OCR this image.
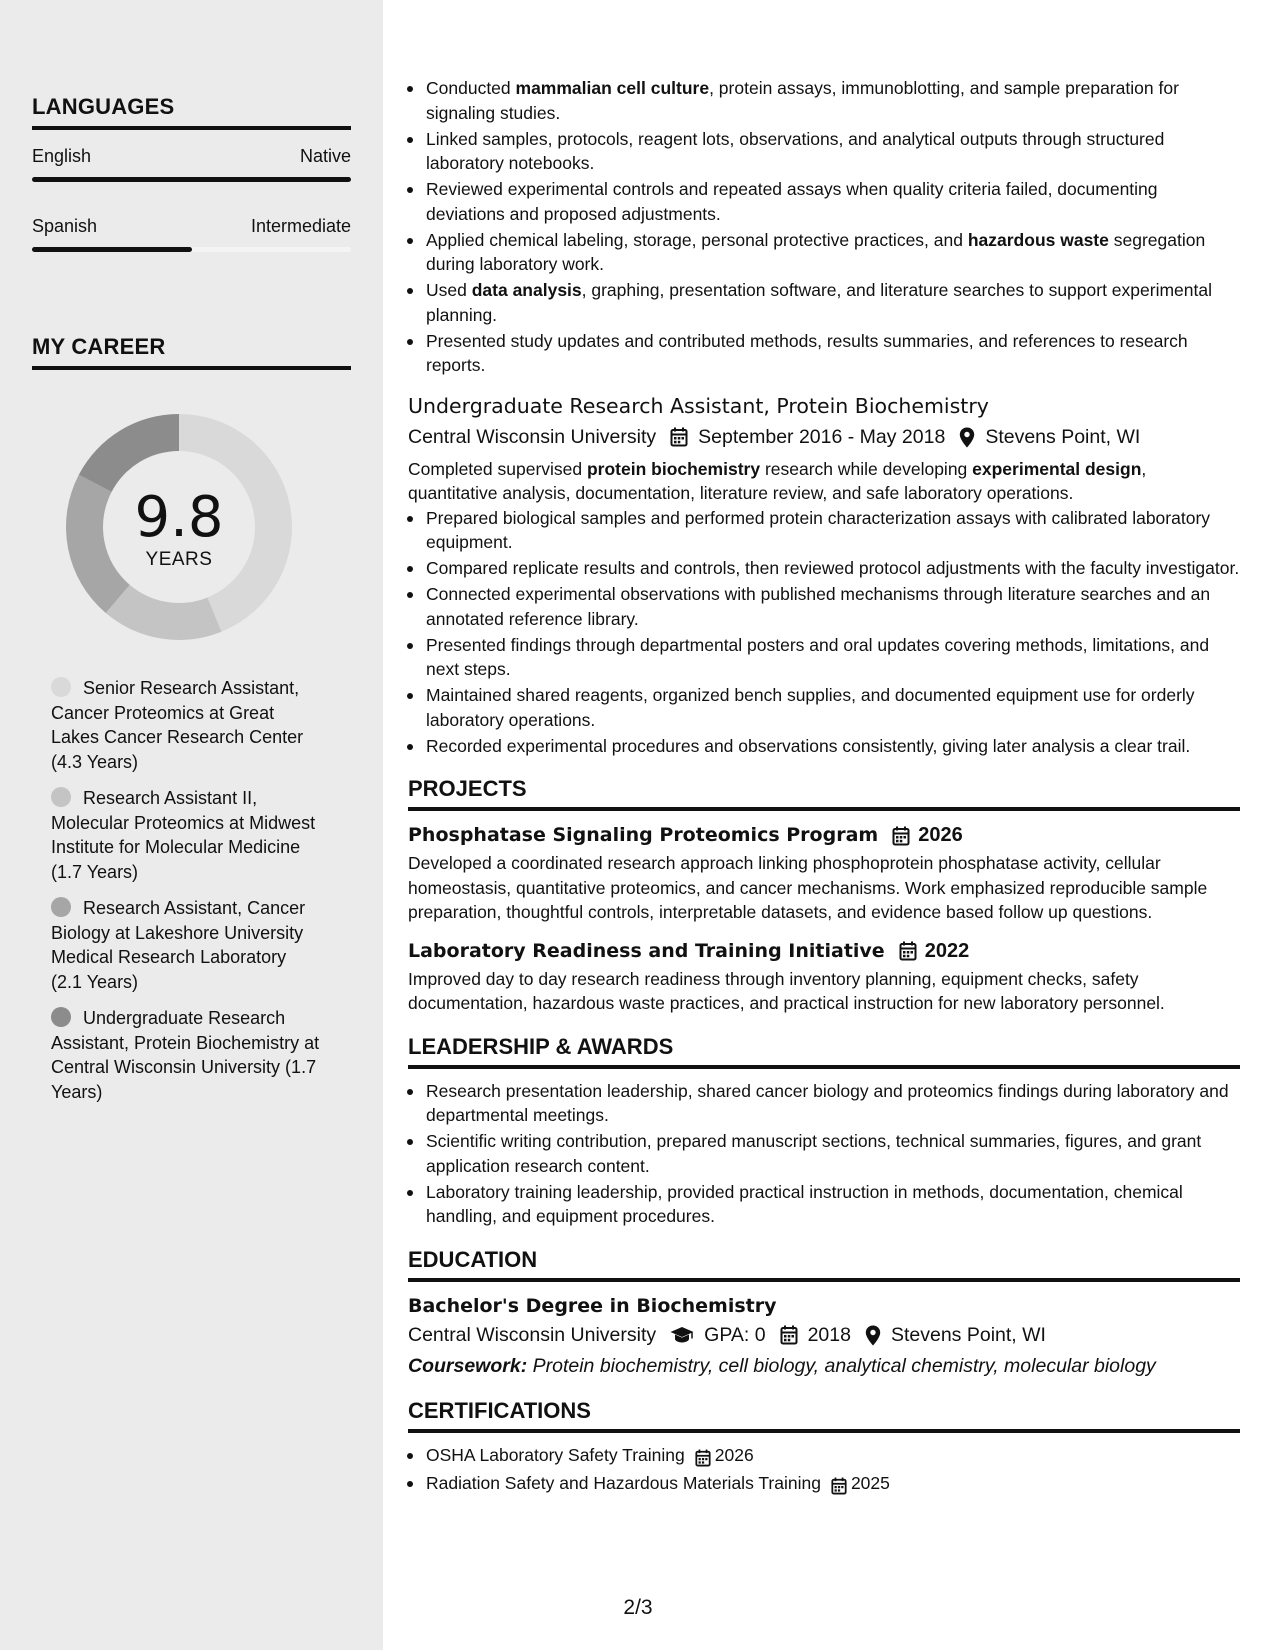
LANGUAGES
English	Native
Spanish	Intermediate
MY CAREER
9.8
YEARS
Senior Research Assistant, Cancer Proteomics at Great Lakes Cancer Research Center (4.3 Years)
Research Assistant II, Molecular Proteomics at Midwest Institute for Molecular Medicine (1.7 Years)
Research Assistant, Cancer Biology at Lakeshore University Medical Research Laboratory (2.1 Years)
Undergraduate Research Assistant, Protein Biochemistry at Central Wisconsin University (1.7 Years)
Conducted mammalian cell culture, protein assays, immunoblotting, and sample preparation for signaling studies.
Linked samples, protocols, reagent lots, observations, and analytical outputs through structured laboratory notebooks.
Reviewed experimental controls and repeated assays when quality criteria failed, documenting deviations and proposed adjustments.
Applied chemical labeling, storage, personal protective practices, and hazardous waste segregation during laboratory work.
Used data analysis, graphing, presentation software, and literature searches to support experimental planning.
Presented study updates and contributed methods, results summaries, and references to research reports.
Undergraduate Research Assistant, Protein Biochemistry
Central Wisconsin University September 2016 - May 2018 Stevens Point, WI
Completed supervised protein biochemistry research while developing experimental design, quantitative analysis, documentation, literature review, and safe laboratory operations.
Prepared biological samples and performed protein characterization assays with calibrated laboratory equipment.
Compared replicate results and controls, then reviewed protocol adjustments with the faculty investigator.
Connected experimental observations with published mechanisms through literature searches and an annotated reference library.
Presented findings through departmental posters and oral updates covering methods, limitations, and next steps.
Maintained shared reagents, organized bench supplies, and documented equipment use for orderly laboratory operations.
Recorded experimental procedures and observations consistently, giving later analysis a clear trail.
PROJECTS
Phosphatase Signaling Proteomics Program 2026
Developed a coordinated research approach linking phosphoprotein phosphatase activity, cellular homeostasis, quantitative proteomics, and cancer mechanisms. Work emphasized reproducible sample preparation, thoughtful controls, interpretable datasets, and evidence based follow up questions.
Laboratory Readiness and Training Initiative 2022
Improved day to day research readiness through inventory planning, equipment checks, safety documentation, hazardous waste practices, and practical instruction for new laboratory personnel.
LEADERSHIP & AWARDS
Research presentation leadership, shared cancer biology and proteomics findings during laboratory and departmental meetings.
Scientific writing contribution, prepared manuscript sections, technical summaries, figures, and grant application research content.
Laboratory training leadership, provided practical instruction in methods, documentation, chemical handling, and equipment procedures.
EDUCATION
Bachelor's Degree in Biochemistry
Central Wisconsin University GPA: 0 2018 Stevens Point, WI
Coursework: Protein biochemistry, cell biology, analytical chemistry, molecular biology
CERTIFICATIONS
OSHA Laboratory Safety Training 2026
Radiation Safety and Hazardous Materials Training 2025
2/3
